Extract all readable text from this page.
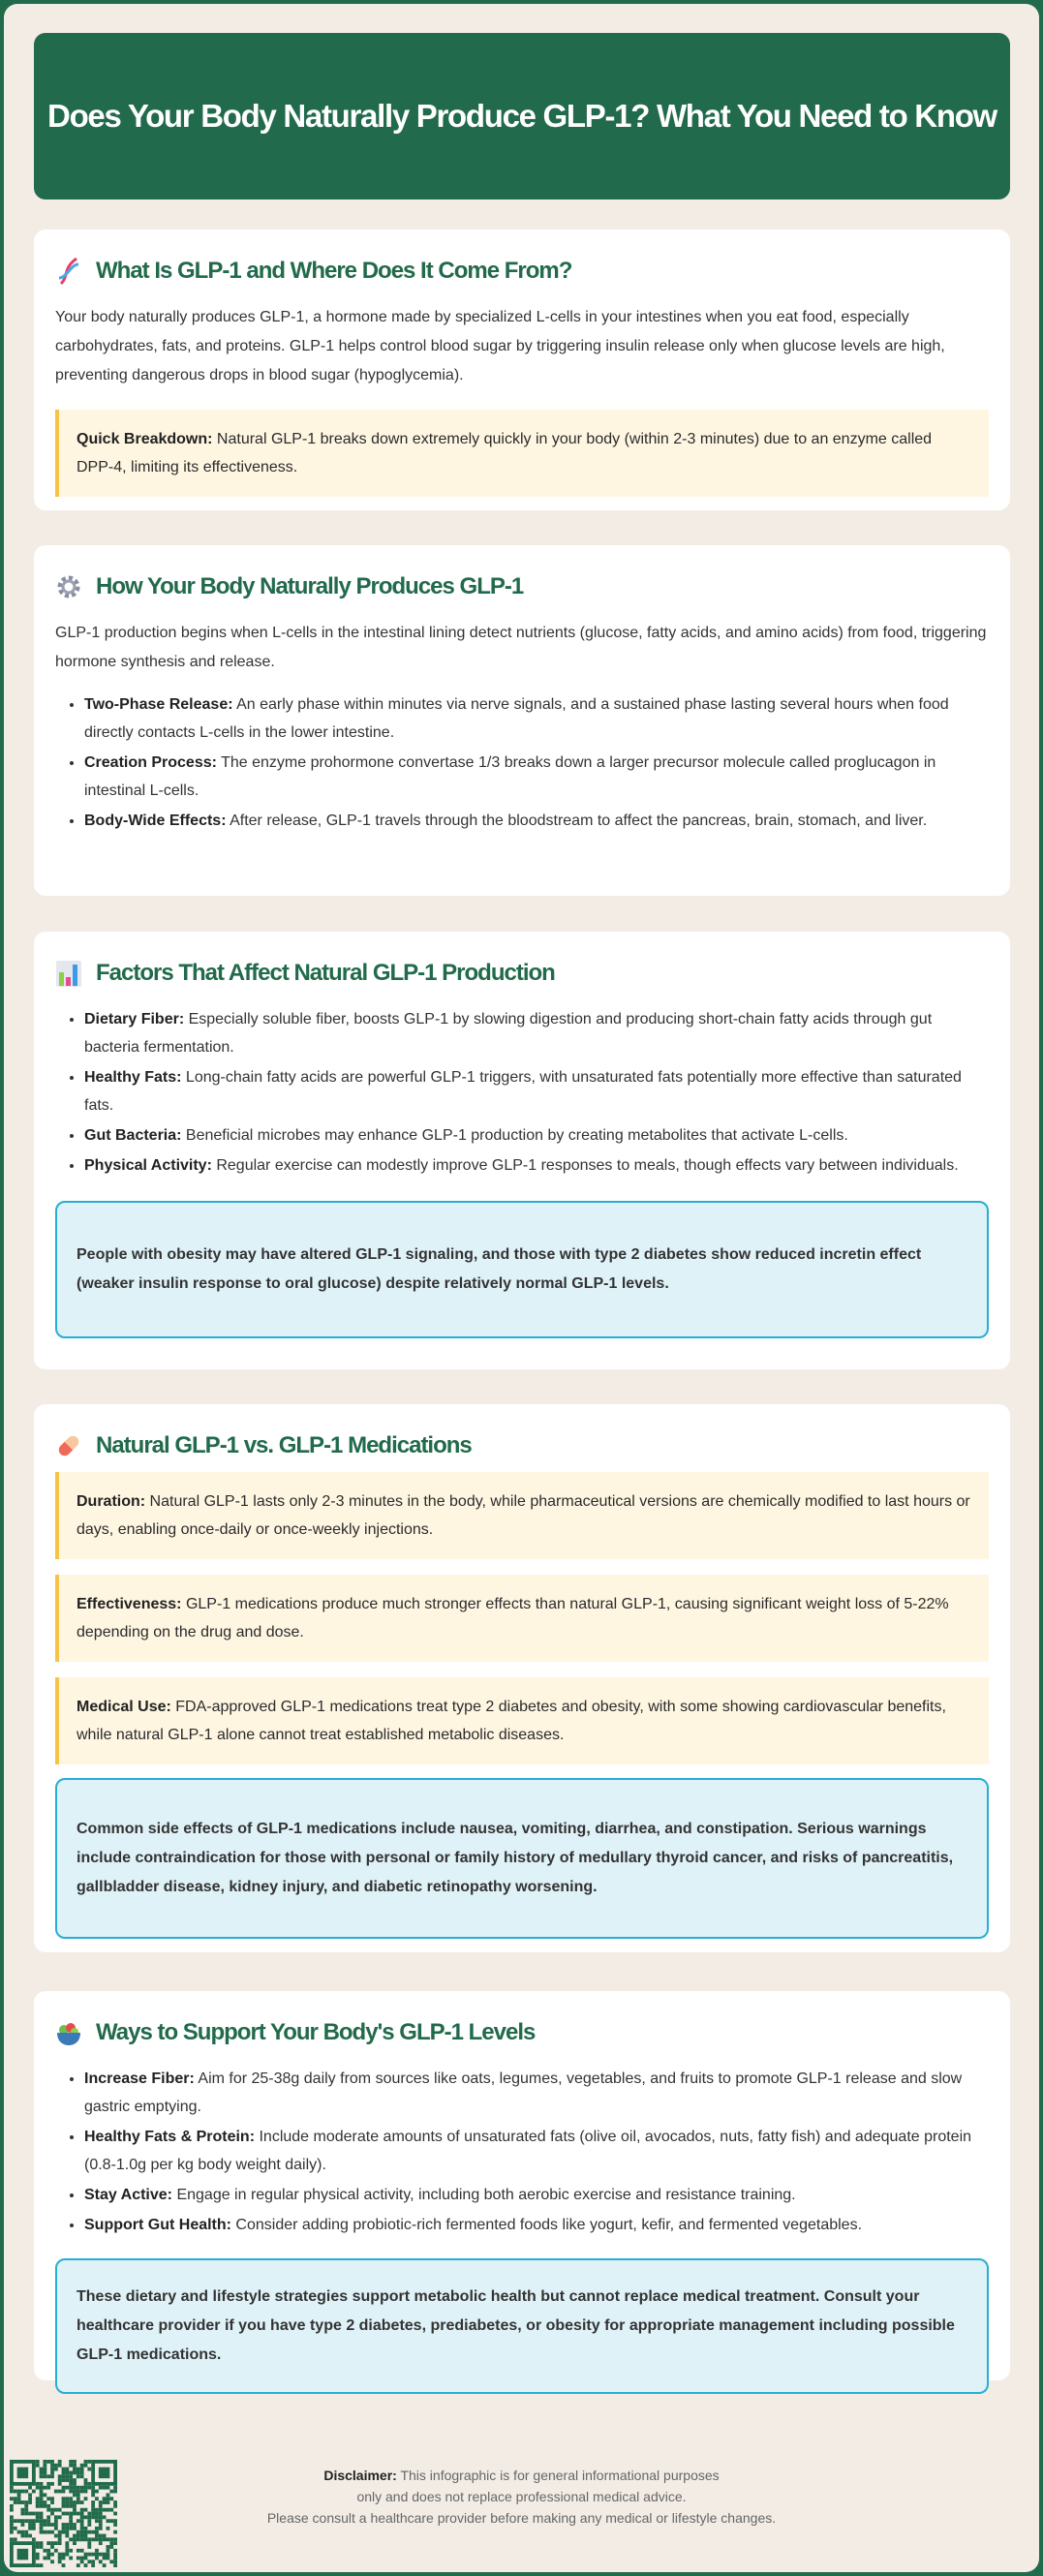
Does Your Body Naturally Produce GLP-1? What You Need to Know
What Is GLP-1 and Where Does It Come From?

Your body naturally produces GLP-1, a hormone made by specialized L-cells in your intestines when you eat food, especially carbohydrates, fats, and proteins. GLP-1 helps control blood sugar by triggering insulin release only when glucose levels are high, preventing dangerous drops in blood sugar (hypoglycemia).

Quick Breakdown: Natural GLP-1 breaks down extremely quickly in your body (within 2-3 minutes) due to an enzyme called DPP-4, limiting its effectiveness.
How Your Body Naturally Produces GLP-1

GLP-1 production begins when L-cells in the intestinal lining detect nutrients (glucose, fatty acids, and amino acids) from food, triggering hormone synthesis and release.

• Two-Phase Release: An early phase within minutes via nerve signals, and a sustained phase lasting several hours when food directly contacts L-cells in the lower intestine.
• Creation Process: The enzyme prohormone convertase 1/3 breaks down a larger precursor molecule called proglucagon in intestinal L-cells.
• Body-Wide Effects: After release, GLP-1 travels through the bloodstream to affect the pancreas, brain, stomach, and liver.
Factors That Affect Natural GLP-1 Production
• Dietary Fiber: Especially soluble fiber, boosts GLP-1 by slowing digestion and producing short-chain fatty acids through gut bacteria fermentation.
• Healthy Fats: Long-chain fatty acids are powerful GLP-1 triggers, with unsaturated fats potentially more effective than saturated fats.
• Gut Bacteria: Beneficial microbes may enhance GLP-1 production by creating metabolites that activate L-cells.
• Physical Activity: Regular exercise can modestly improve GLP-1 responses to meals, though effects vary between individuals.
People with obesity may have altered GLP-1 signaling, and those with type 2 diabetes show reduced incretin effect (weaker insulin response to oral glucose) despite relatively normal GLP-1 levels.
Natural GLP-1 vs. GLP-1 Medications
Duration: Natural GLP-1 lasts only 2-3 minutes in the body, while pharmaceutical versions are chemically modified to last hours or days, enabling once-daily or once-weekly injections.
Effectiveness: GLP-1 medications produce much stronger effects than natural GLP-1, causing significant weight loss of 5-22% depending on the drug and dose.
Medical Use: FDA-approved GLP-1 medications treat type 2 diabetes and obesity, with some showing cardiovascular benefits, while natural GLP-1 alone cannot treat established metabolic diseases.
Common side effects of GLP-1 medications include nausea, vomiting, diarrhea, and constipation. Serious warnings include contraindication for those with personal or family history of medullary thyroid cancer, and risks of pancreatitis, gallbladder disease, kidney injury, and diabetic retinopathy worsening.
Ways to Support Your Body's GLP-1 Levels
• Increase Fiber: Aim for 25-38g daily from sources like oats, legumes, vegetables, and fruits to promote GLP-1 release and slow gastric emptying.
• Healthy Fats & Protein: Include moderate amounts of unsaturated fats (olive oil, avocados, nuts, fatty fish) and adequate protein (0.8-1.0g per kg body weight daily).
• Stay Active: Engage in regular physical activity, including both aerobic exercise and resistance training.
• Support Gut Health: Consider adding probiotic-rich fermented foods like yogurt, kefir, and fermented vegetables.
These dietary and lifestyle strategies support metabolic health but cannot replace medical treatment. Consult your healthcare provider if you have type 2 diabetes, prediabetes, or obesity for appropriate management including possible GLP-1 medications.
Disclaimer: This infographic is for general informational purposes
only and does not replace professional medical advice.
Please consult a healthcare provider before making any medical or lifestyle changes.
